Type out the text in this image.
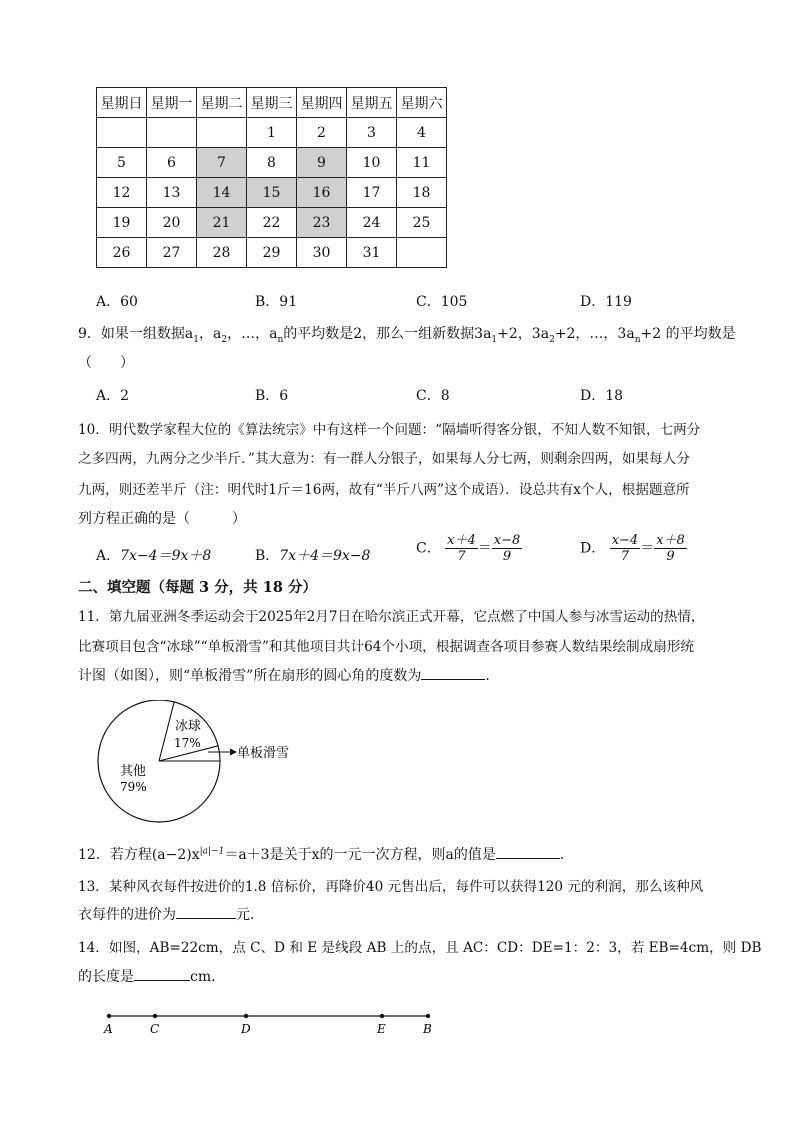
星期日	星期一	星期二	星期三	星期四	星期五	星期六
			1	2	3	4
5	6	7	8	9	10	11
12	13	14	15	16	17	18
19	20	21	22	23	24	25
26	27	28	29	30	31	
A．60	B．91	C．105	D．119
9．如果一组数据$a_1$，$a_2$，…，$a_n$的平均数是2，那么一组新数据$3a_1+2$，$3a_2+2$，…，$3a_n+2$ 的平均数是
（　　）
A．2	B．6	C．8	D．18
10．明代数学家程大位的《算法统宗》中有这样一个问题：“隔墙听得客分银，不知人数不知银，七两分
之多四两，九两分之少半斤．”其大意为：有一群人分银子，如果每人分七两，则剩余四两，如果每人分
九两，则还差半斤（注：明代时1斤＝16两，故有“半斤八两”这个成语）．设总共有x个人，根据题意所
列方程正确的是（　　　）
A．7x−4＝9x＋8	B．7x＋4＝9x−8	C． $\frac{x+4}{7} = \frac{x-8}{9}$	D． $\frac{x-4}{7} = \frac{x+8}{9}$
二、填空题（每题 3 分，共 18 分）
11．第九届亚洲冬季运动会于2025年2月7日在哈尔滨正式开幕，它点燃了中国人参与冰雪运动的热情，
比赛项目包含“冰球”“单板滑雪”和其他项目共计64个小项，根据调查各项目参赛人数结果绘制成扇形统
计图（如图），则“单板滑雪”所在扇形的圆心角的度数为	．
冰球
17%
单板滑雪
其他
79%
12．若方程$(a-2)x^{|a|-1}=a+3$是关于x的一元一次方程，则a的值是	．
13．某种风衣每件按进价的1.8 倍标价，再降价40 元售出后，每件可以获得120 元的利润，那么该种风
衣每件的进价为	元．
14．如图，AB=22cm，点 C、D 和 E 是线段 AB 上的点，且 AC：CD：DE=1：2：3，若 EB=4cm，则 DB
的长度是	cm．
A	C	D	E	B
